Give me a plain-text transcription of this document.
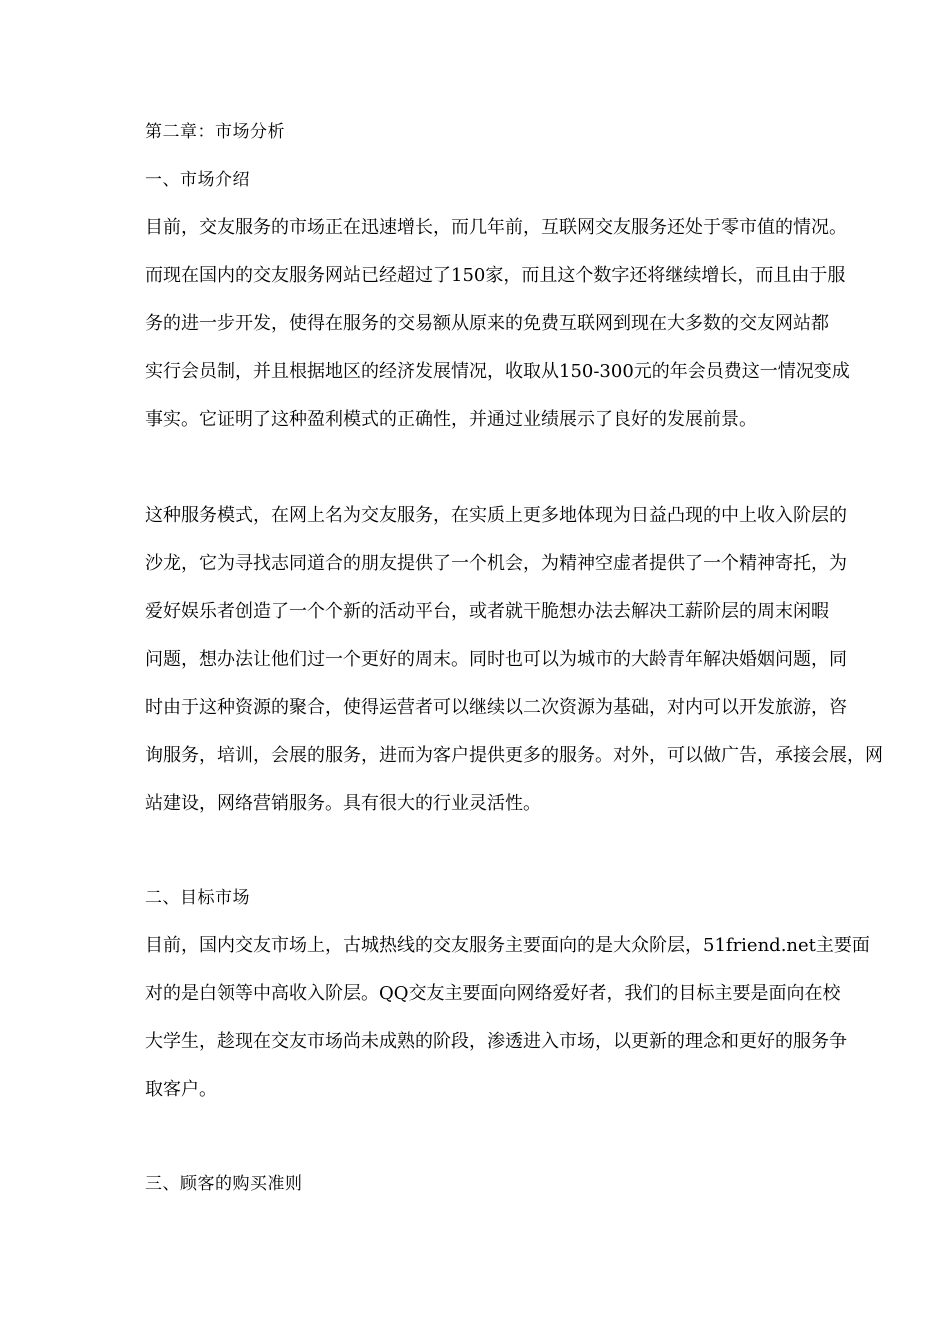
第二章：市场分析
一、市场介绍
目前，交友服务的市场正在迅速增长，而几年前，互联网交友服务还处于零市值的情况。
而现在国内的交友服务网站已经超过了150家，而且这个数字还将继续增长，而且由于服
务的进一步开发，使得在服务的交易额从原来的免费互联网到现在大多数的交友网站都
实行会员制，并且根据地区的经济发展情况，收取从150-300元的年会员费这一情况变成
事实。它证明了这种盈利模式的正确性，并通过业绩展示了良好的发展前景。
这种服务模式，在网上名为交友服务，在实质上更多地体现为日益凸现的中上收入阶层的
沙龙，它为寻找志同道合的朋友提供了一个机会，为精神空虚者提供了一个精神寄托，为
爱好娱乐者创造了一个个新的活动平台，或者就干脆想办法去解决工薪阶层的周末闲暇
问题，想办法让他们过一个更好的周末。同时也可以为城市的大龄青年解决婚姻问题，同
时由于这种资源的聚合，使得运营者可以继续以二次资源为基础，对内可以开发旅游，咨
询服务，培训，会展的服务，进而为客户提供更多的服务。对外，可以做广告，承接会展，网
站建设，网络营销服务。具有很大的行业灵活性。
二、目标市场
目前，国内交友市场上，古城热线的交友服务主要面向的是大众阶层，51friend.net主要面
对的是白领等中高收入阶层。QQ交友主要面向网络爱好者，我们的目标主要是面向在校
大学生，趁现在交友市场尚未成熟的阶段，渗透进入市场，以更新的理念和更好的服务争
取客户。
三、顾客的购买准则
